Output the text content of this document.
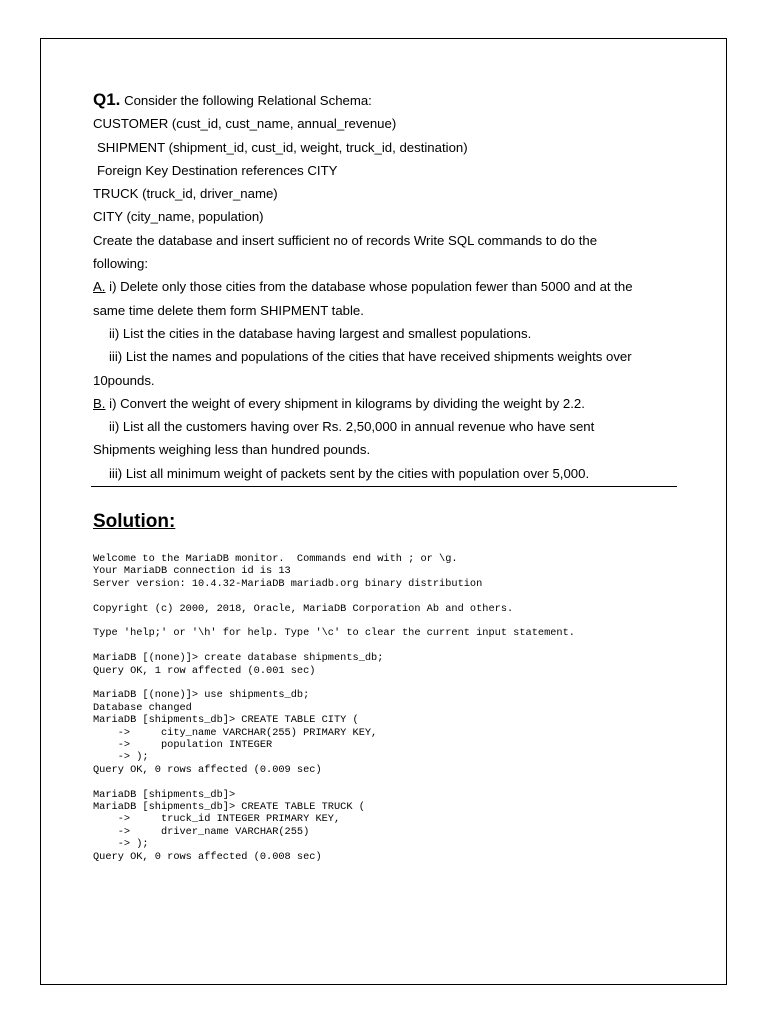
Q1. Consider the following Relational Schema:
CUSTOMER (cust_id, cust_name, annual_revenue)
SHIPMENT (shipment_id, cust_id, weight, truck_id, destination)
Foreign Key Destination references CITY
TRUCK (truck_id, driver_name)
CITY (city_name, population)
Create the database and insert sufficient no of records Write SQL commands to do the
following:
A. i) Delete only those cities from the database whose population fewer than 5000 and at the
same time delete them form SHIPMENT table.
ii) List the cities in the database having largest and smallest populations.
iii) List the names and populations of the cities that have received shipments weights over
10pounds.
B. i) Convert the weight of every shipment in kilograms by dividing the weight by 2.2.
ii) List all the customers having over Rs. 2,50,000 in annual revenue who have sent
Shipments weighing less than hundred pounds.
iii) List all minimum weight of packets sent by the cities with population over 5,000.
Solution:
Welcome to the MariaDB monitor.  Commands end with ; or \g.
Your MariaDB connection id is 13
Server version: 10.4.32-MariaDB mariadb.org binary distribution
Copyright (c) 2000, 2018, Oracle, MariaDB Corporation Ab and others.
Type 'help;' or '\h' for help. Type '\c' to clear the current input statement.
MariaDB [(none)]> create database shipments_db;
Query OK, 1 row affected (0.001 sec)
MariaDB [(none)]> use shipments_db;
Database changed
MariaDB [shipments_db]> CREATE TABLE CITY (
->     city_name VARCHAR(255) PRIMARY KEY,
->     population INTEGER
-> );
Query OK, 0 rows affected (0.009 sec)
MariaDB [shipments_db]>
MariaDB [shipments_db]> CREATE TABLE TRUCK (
->     truck_id INTEGER PRIMARY KEY,
->     driver_name VARCHAR(255)
-> );
Query OK, 0 rows affected (0.008 sec)
